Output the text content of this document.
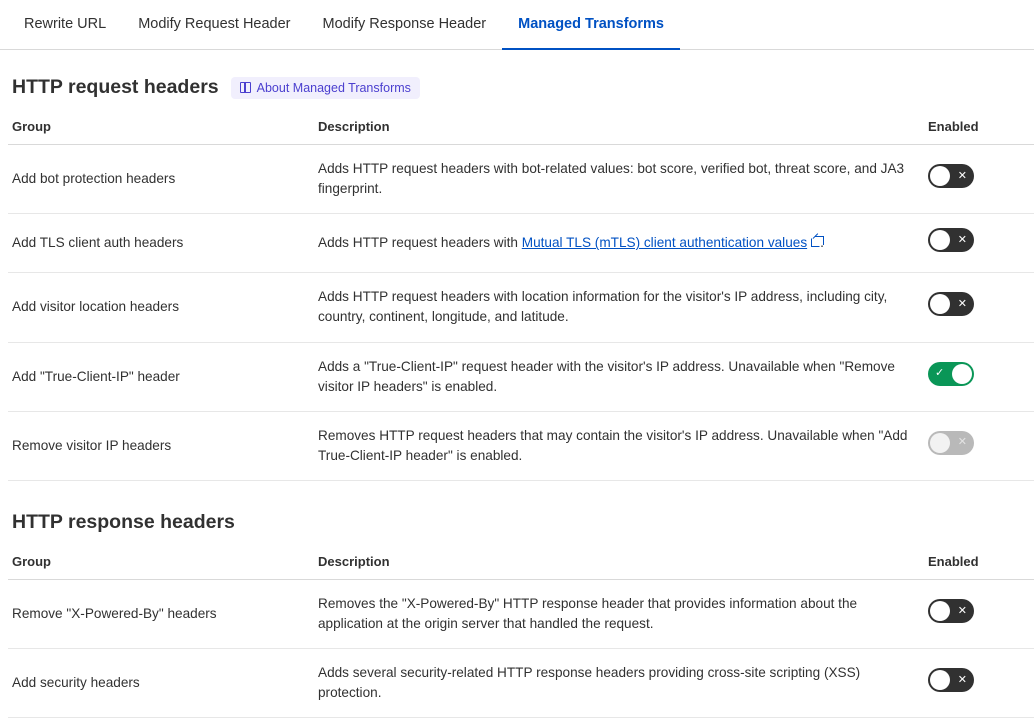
Rewrite URL Modify Request Header Modify Response Header Managed Transforms
HTTP request headers	About Managed Transforms
Group	Description	Enabled
Add bot protection headers	Adds HTTP request headers with bot-related values: bot score, verified bot, threat score, and JA3 fingerprint.	✕

Add TLS client auth headers	Adds HTTP request headers with Mutual TLS (mTLS) client authentication values .	✕

Add visitor location headers	Adds HTTP request headers with location information for the visitor's IP address, including city, country, continent, longitude, and latitude.	✕

Add "True-Client-IP" header	Adds a "True-Client-IP" request header with the visitor's IP address. Unavailable when "Remove visitor IP headers" is enabled.	✓

Remove visitor IP headers	Removes HTTP request headers that may contain the visitor's IP address. Unavailable when "Add True-Client-IP header" is enabled.	✕
HTTP response headers
Group	Description	Enabled
Remove "X-Powered-By" headers	Removes the "X-Powered-By" HTTP response header that provides information about the application at the origin server that handled the request.	✕

Add security headers	Adds several security-related HTTP response headers providing cross-site scripting (XSS) protection.	✕
